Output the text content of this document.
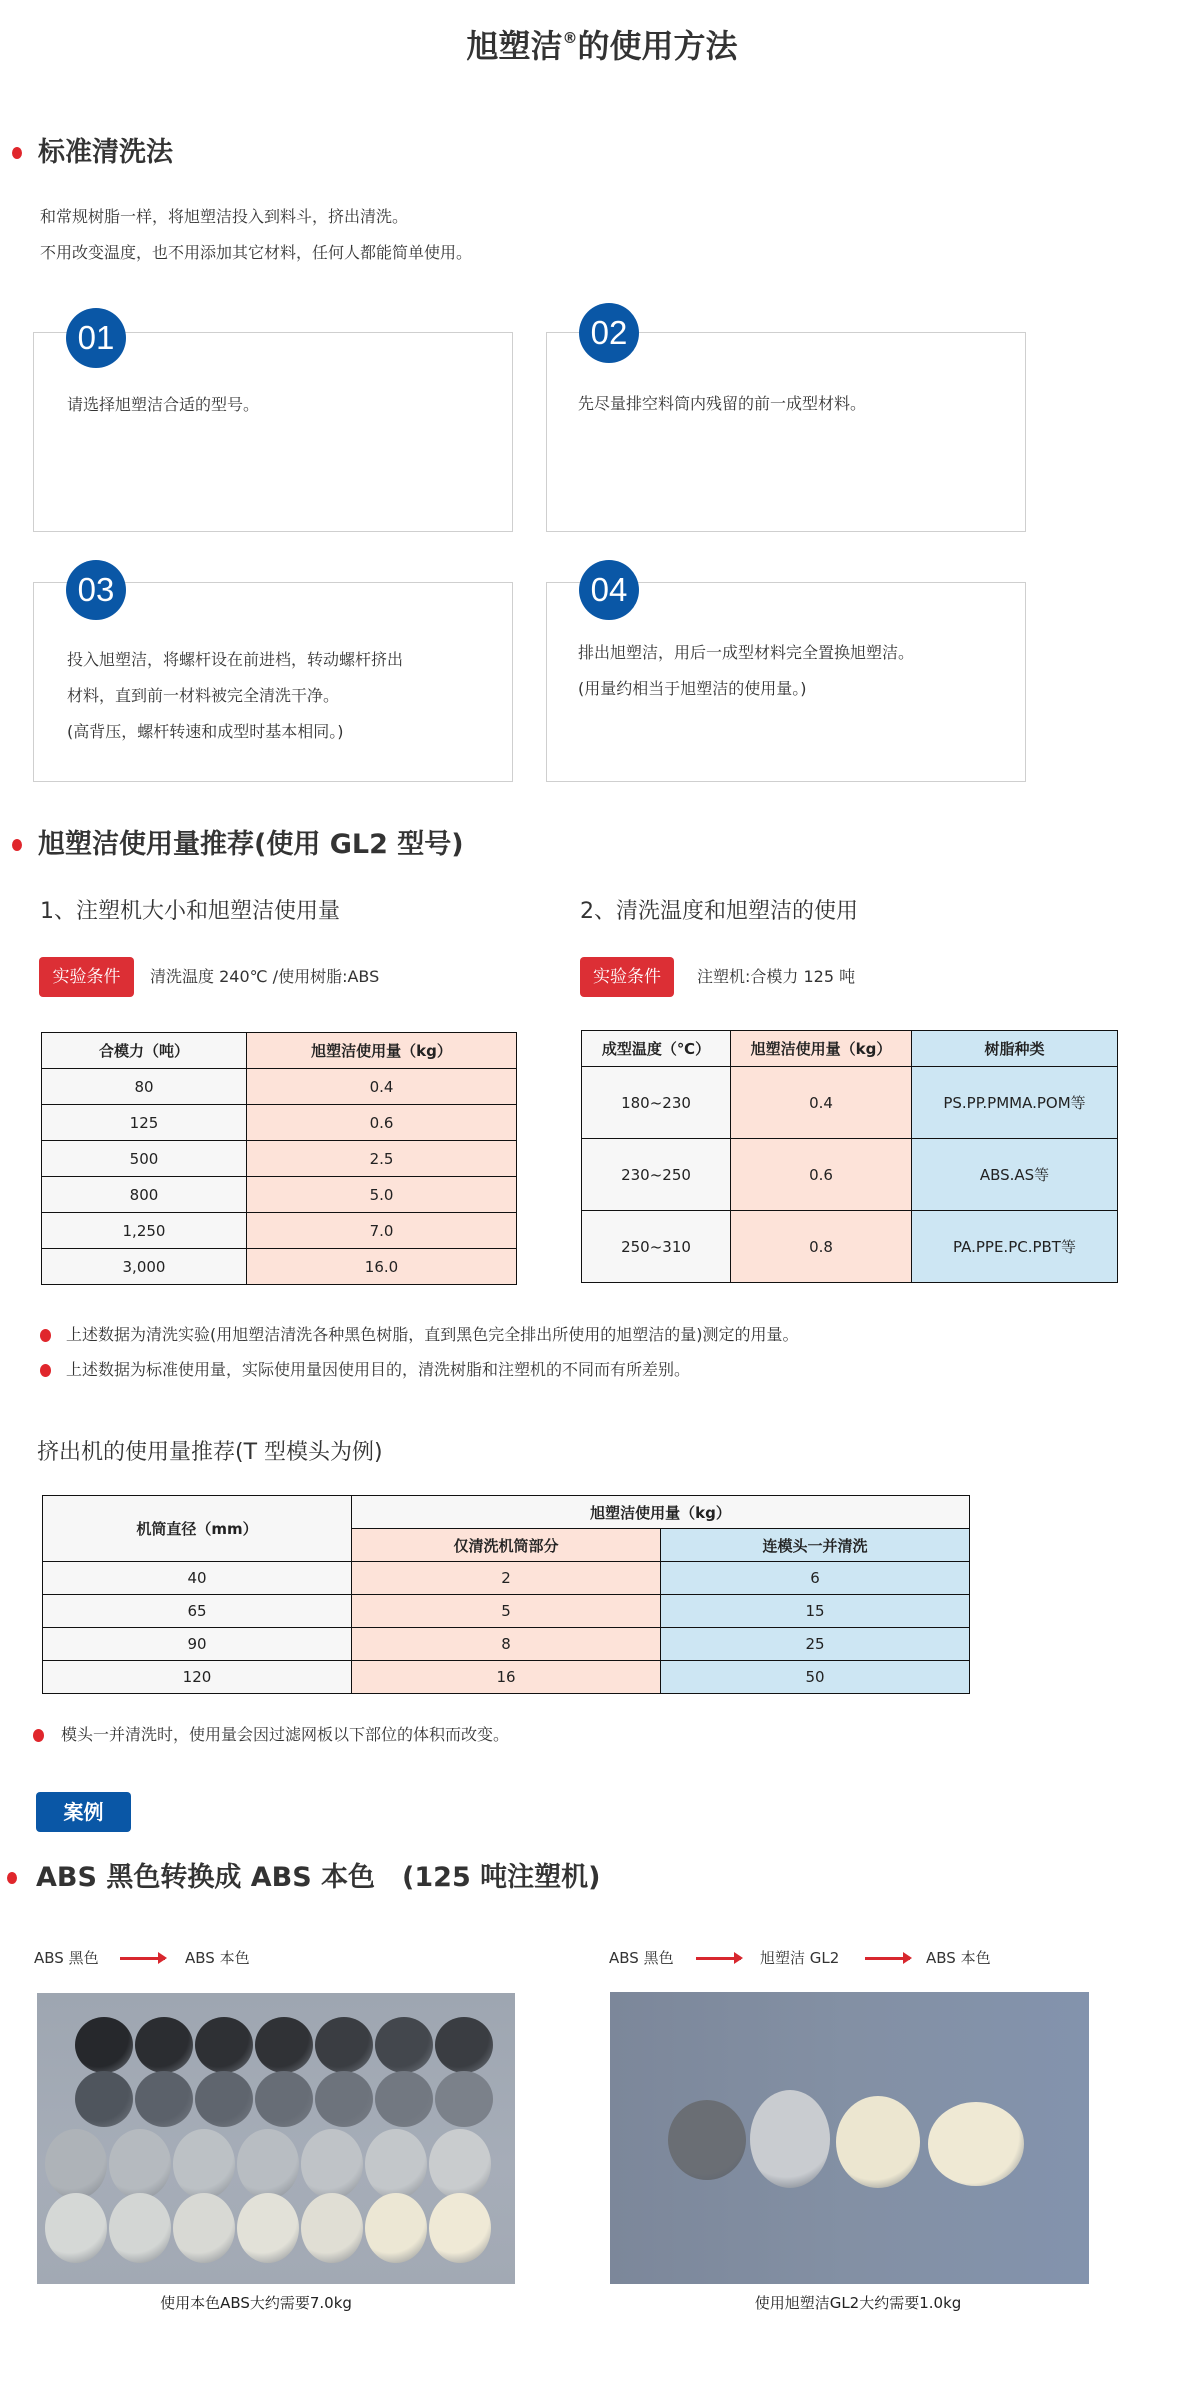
旭塑洁®的使用方法
标准清洗法
和常规树脂一样，将旭塑洁投入到料斗，挤出清洗。
不用改变温度，也不用添加其它材料，任何人都能简单使用。
请选择旭塑洁合适的型号。
01
先尽量排空料筒内残留的前一成型材料。
02
投入旭塑洁，将螺杆设在前进档，转动螺杆挤出
材料，直到前一材料被完全清洗干净。
(高背压，螺杆转速和成型时基本相同。)
03
排出旭塑洁，用后一成型材料完全置换旭塑洁。
(用量约相当于旭塑洁的使用量。)
04
旭塑洁使用量推荐(使用 GL2 型号)
1、注塑机大小和旭塑洁使用量
实验条件	清洗温度 240℃ /使用树脂:ABS
合模力（吨）	旭塑洁使用量（kg）
80	0.4
125	0.6
500	2.5
800	5.0
1,250	7.0
3,000	16.0
2、清洗温度和旭塑洁的使用
实验条件	注塑机:合模力 125 吨
成型温度（℃）	旭塑洁使用量（kg）	树脂种类
180~230	0.4	PS.PP.PMMA.POM等
230~250	0.6	ABS.AS等
250~310	0.8	PA.PPE.PC.PBT等
上述数据为清洗实验(用旭塑洁清洗各种黑色树脂，直到黑色完全排出所使用的旭塑洁的量)测定的用量。
上述数据为标准使用量，实际使用量因使用目的，清洗树脂和注塑机的不同而有所差别。
挤出机的使用量推荐(T 型模头为例)
机筒直径（mm）	旭塑洁使用量（kg）	
	仅清洗机筒部分	连模头一并清洗
40	2	6
65	5	15
90	8	25
120	16	50
模头一并清洗时，使用量会因过滤网板以下部位的体积而改变。
案例
ABS 黑色转换成 ABS 本色　(125 吨注塑机)
ABS 黑色	ABS 本色	ABS 黑色	旭塑洁 GL2	ABS 本色
使用本色ABS大约需要7.0kg	使用旭塑洁GL2大约需要1.0kg
